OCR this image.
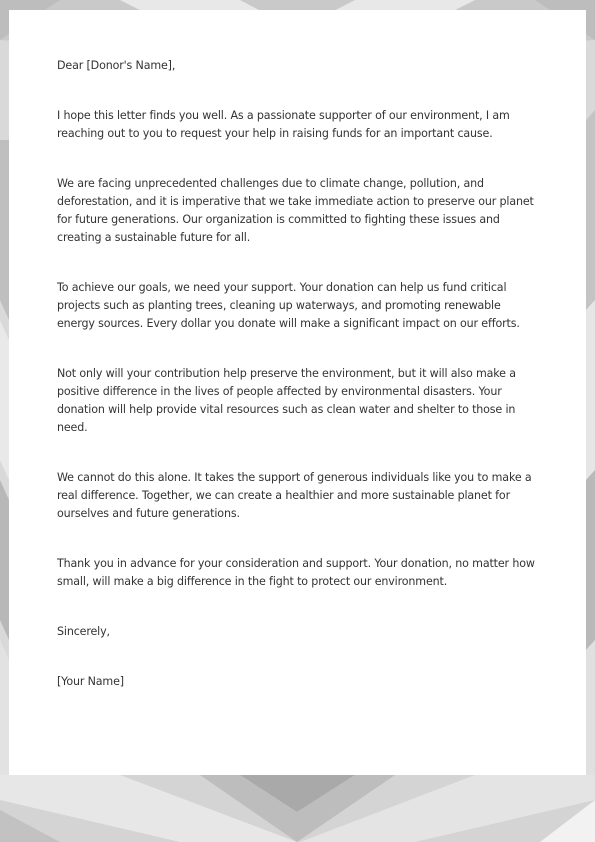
Dear [Donor's Name],

I hope this letter finds you well. As a passionate supporter of our environment, I am reaching out to you to request your help in raising funds for an important cause.

We are facing unprecedented challenges due to climate change, pollution, and deforestation, and it is imperative that we take immediate action to preserve our planet for future generations. Our organization is committed to fighting these issues and creating a sustainable future for all.

To achieve our goals, we need your support. Your donation can help us fund critical projects such as planting trees, cleaning up waterways, and promoting renewable energy sources. Every dollar you donate will make a significant impact on our efforts.

Not only will your contribution help preserve the environment, but it will also make a positive difference in the lives of people affected by environmental disasters. Your donation will help provide vital resources such as clean water and shelter to those in need.

We cannot do this alone. It takes the support of generous individuals like you to make a real difference. Together, we can create a healthier and more sustainable planet for ourselves and future generations.

Thank you in advance for your consideration and support. Your donation, no matter how small, will make a big difference in the fight to protect our environment.

Sincerely,

[Your Name]
